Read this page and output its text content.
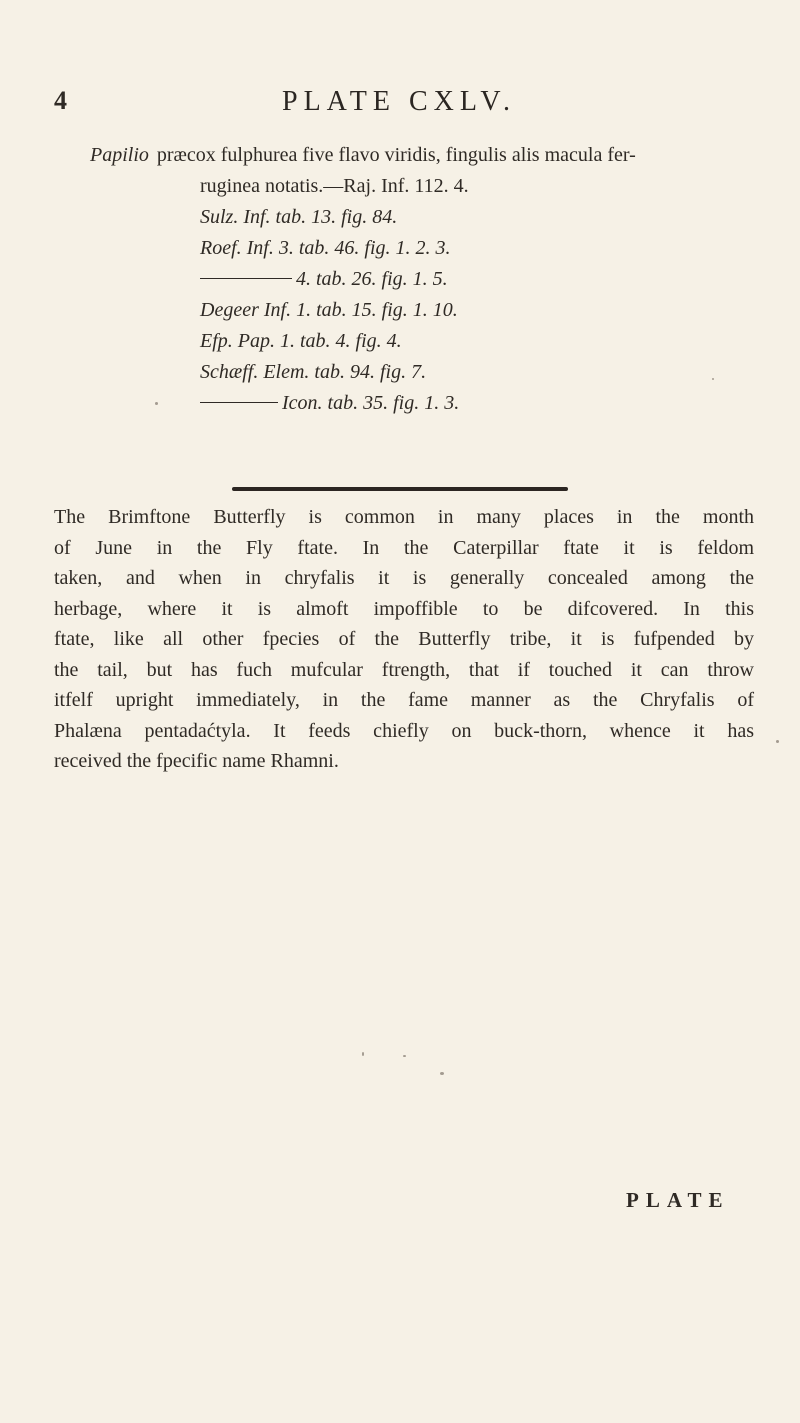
4	PLATE CXLV.
Papilio præcox fulphurea five flavo viridis, fingulis alis macula fer-
ruginea notatis.—Raj. Inf. 112. 4.
Sulz. Inf. tab. 13. fig. 84.
Roef. Inf. 3. tab. 46. fig. 1. 2. 3.
4. tab. 26. fig. 1. 5.
Degeer Inf. 1. tab. 15. fig. 1. 10.
Efp. Pap. 1. tab. 4. fig. 4.
Schæff. Elem. tab. 94. fig. 7.
Icon. tab. 35. fig. 1. 3.
The Brimftone Butterfly is common in many places in the month
of June in the Fly ftate. In the Caterpillar ftate it is feldom
taken, and when in chryfalis it is generally concealed among the
herbage, where it is almoft impoffible to be difcovered. In this
ftate, like all other fpecies of the Butterfly tribe, it is fufpended by
the tail, but has fuch mufcular ftrength, that if touched it can throw
itfelf upright immediately, in the fame manner as the Chryfalis of
Phalæna pentadaćtyla. It feeds chiefly on buck-thorn, whence it has
received the fpecific name Rhamni.
PLATE
